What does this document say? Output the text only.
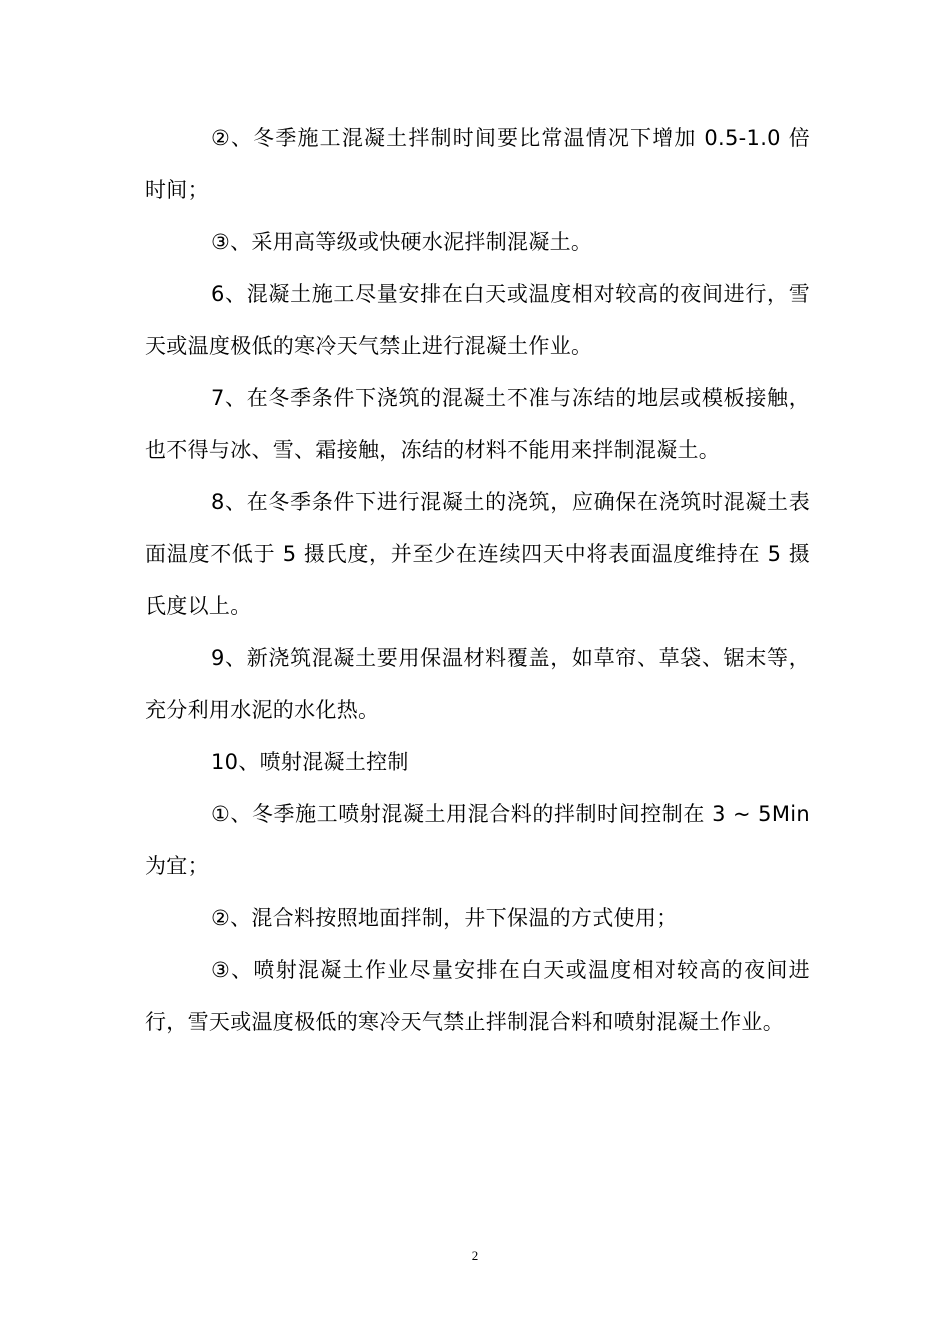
②、冬季施工混凝土拌制时间要比常温情况下增加 0.5-1.0 倍时间；

③、采用高等级或快硬水泥拌制混凝土。

6、混凝土施工尽量安排在白天或温度相对较高的夜间进行，雪天或温度极低的寒冷天气禁止进行混凝土作业。

7、在冬季条件下浇筑的混凝土不准与冻结的地层或模板接触，也不得与冰、雪、霜接触，冻结的材料不能用来拌制混凝土。

8、在冬季条件下进行混凝土的浇筑，应确保在浇筑时混凝土表面温度不低于 5 摄氏度，并至少在连续四天中将表面温度维持在 5 摄氏度以上。

9、新浇筑混凝土要用保温材料覆盖，如草帘、草袋、锯末等，充分利用水泥的水化热。

10、喷射混凝土控制

①、冬季施工喷射混凝土用混合料的拌制时间控制在 3 ~ 5Min 为宜；

②、混合料按照地面拌制，井下保温的方式使用；

③、喷射混凝土作业尽量安排在白天或温度相对较高的夜间进行，雪天或温度极低的寒冷天气禁止拌制混合料和喷射混凝土作业。

2
